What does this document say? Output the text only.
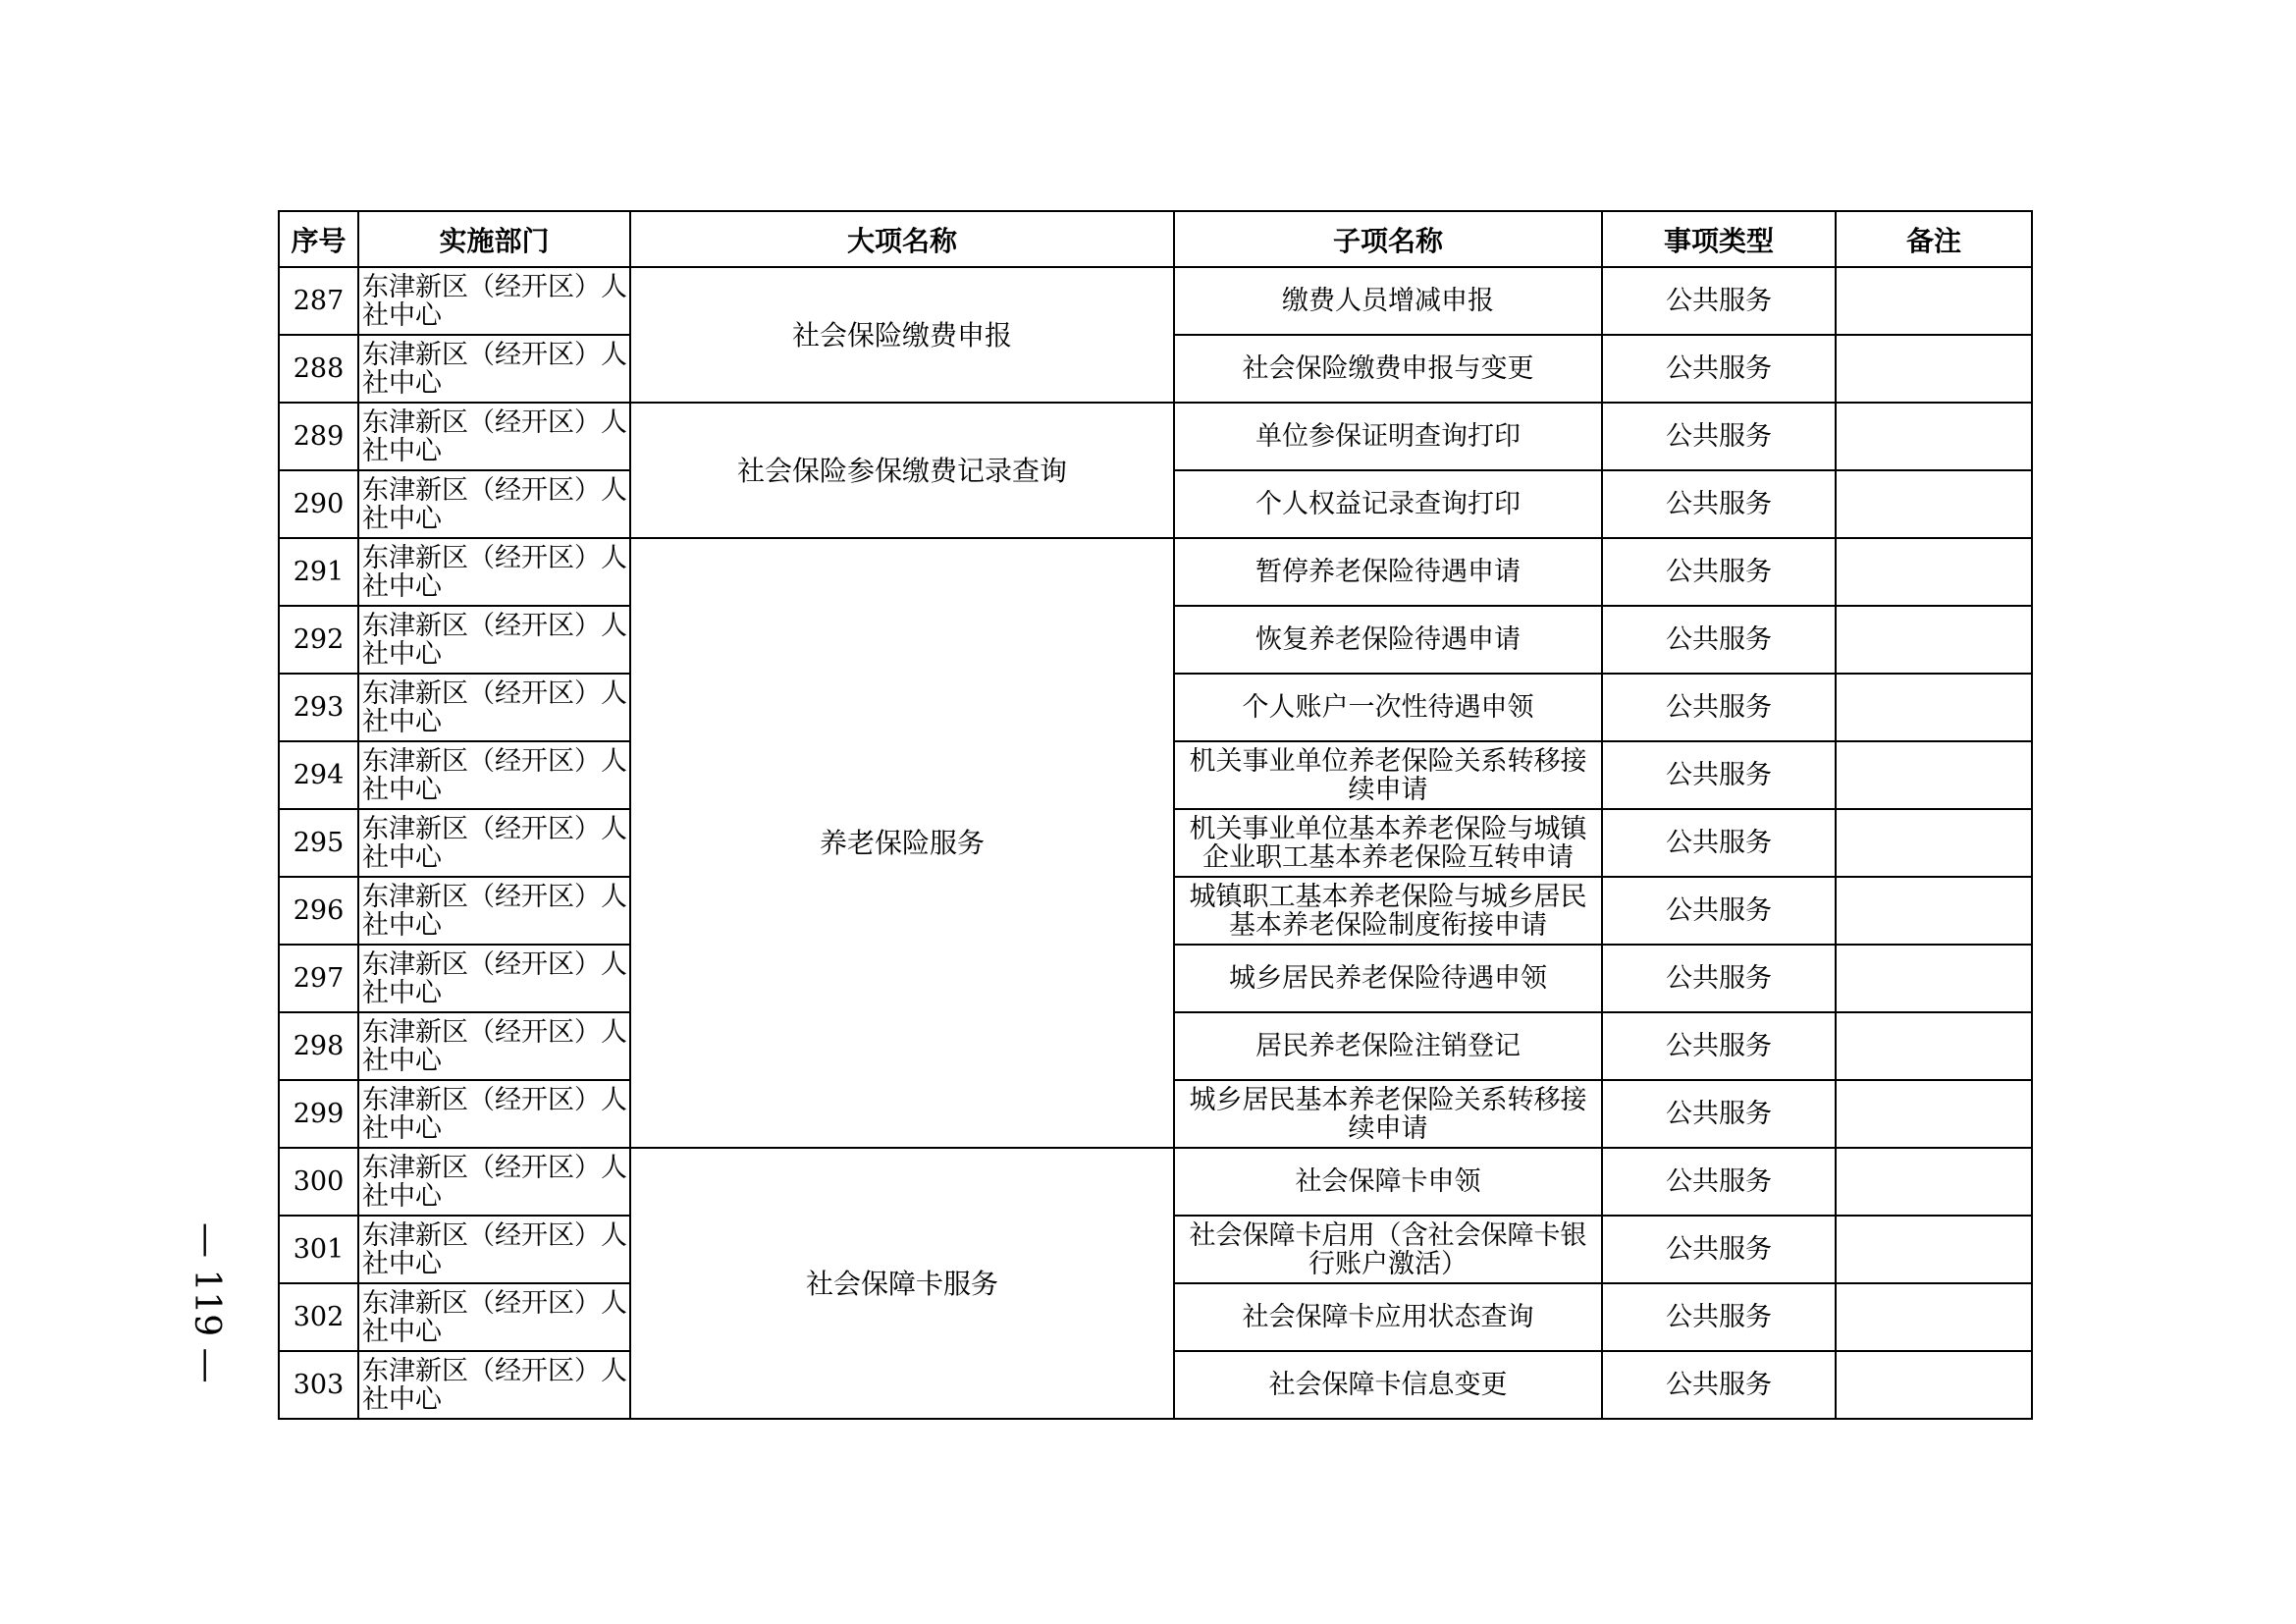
序号	实施部门	大项名称	子项名称	事项类型	备注
287	东津新区（经开区）人社中心	社会保险缴费申报	缴费人员增减申报	公共服务	
288	东津新区（经开区）人社中心		社会保险缴费申报与变更	公共服务	
289	东津新区（经开区）人社中心	社会保险参保缴费记录查询	单位参保证明查询打印	公共服务	
290	东津新区（经开区）人社中心		个人权益记录查询打印	公共服务	
291	东津新区（经开区）人社中心	养老保险服务	暂停养老保险待遇申请	公共服务	
292	东津新区（经开区）人社中心		恢复养老保险待遇申请	公共服务	
293	东津新区（经开区）人社中心		个人账户一次性待遇申领	公共服务	
294	东津新区（经开区）人社中心		机关事业单位养老保险关系转移接续申请	公共服务	
295	东津新区（经开区）人社中心		机关事业单位基本养老保险与城镇企业职工基本养老保险互转申请	公共服务	
296	东津新区（经开区）人社中心		城镇职工基本养老保险与城乡居民基本养老保险制度衔接申请	公共服务	
297	东津新区（经开区）人社中心		城乡居民养老保险待遇申领	公共服务	
298	东津新区（经开区）人社中心		居民养老保险注销登记	公共服务	
299	东津新区（经开区）人社中心		城乡居民基本养老保险关系转移接续申请	公共服务	
300	东津新区（经开区）人社中心	社会保障卡服务	社会保障卡申领	公共服务	
301	东津新区（经开区）人社中心		社会保障卡启用（含社会保障卡银行账户激活）	公共服务	
302	东津新区（经开区）人社中心		社会保障卡应用状态查询	公共服务	
303	东津新区（经开区）人社中心		社会保障卡信息变更	公共服务	
— 119 —
